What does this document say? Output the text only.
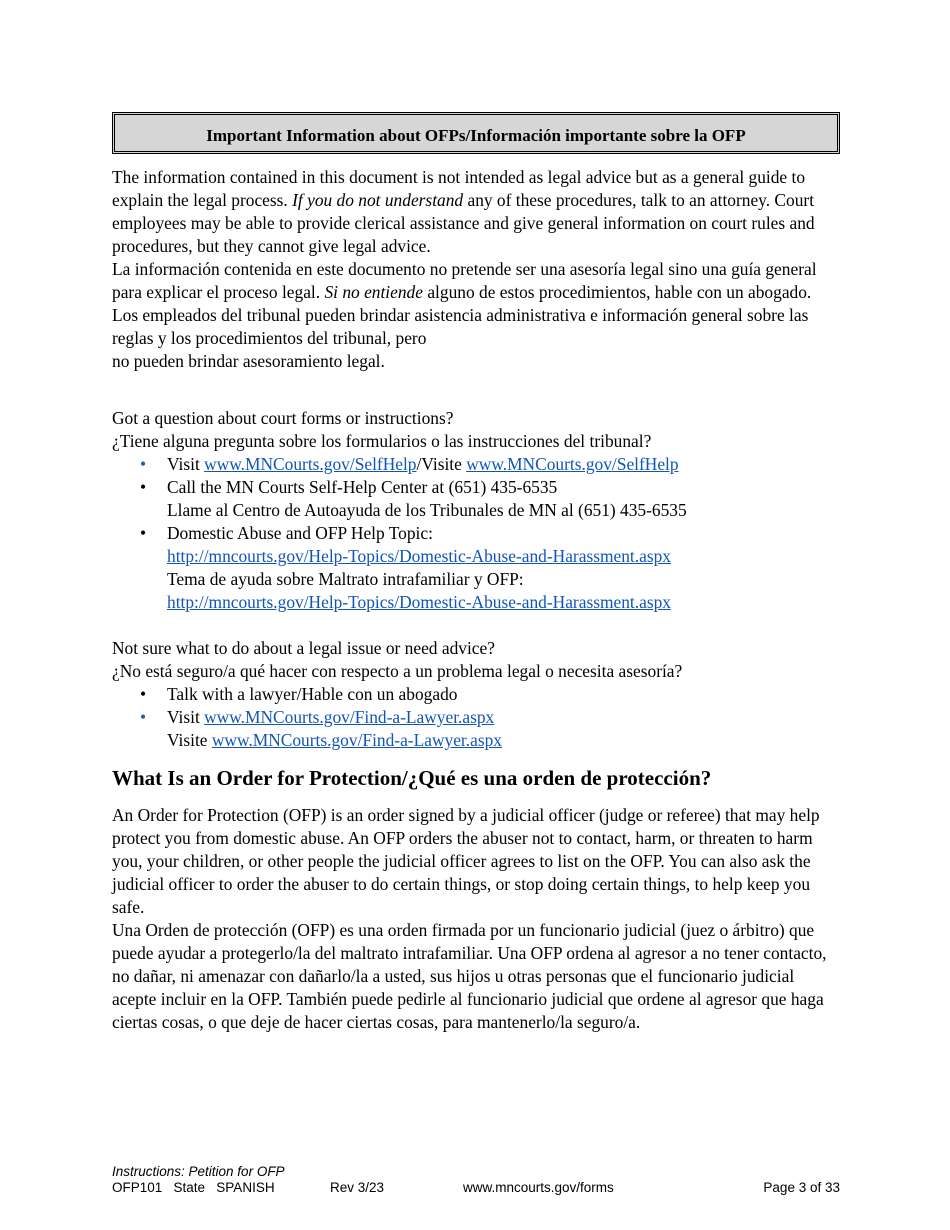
Important Information about OFPs/Información importante sobre la OFP

The information contained in this document is not intended as legal advice but as a general guide to explain the legal process. If you do not understand any of these procedures, talk to an attorney. Court employees may be able to provide clerical assistance and give general information on court rules and procedures, but they cannot give legal advice.

La información contenida en este documento no pretende ser una asesoría legal sino una guía general para explicar el proceso legal. Si no entiende alguno de estos procedimientos, hable con un abogado. Los empleados del tribunal pueden brindar asistencia administrativa e información general sobre las reglas y los procedimientos del tribunal, pero

no pueden brindar asesoramiento legal.

Got a question about court forms or instructions?

¿Tiene alguna pregunta sobre los formularios o las instrucciones del tribunal?

• Visit www.MNCourts.gov/SelfHelp/Visite www.MNCourts.gov/SelfHelp
• Call the MN Courts Self-Help Center at (651) 435-6535
Llame al Centro de Autoayuda de los Tribunales de MN al (651) 435-6535
• Domestic Abuse and OFP Help Topic:
http://mncourts.gov/Help-Topics/Domestic-Abuse-and-Harassment.aspx
Tema de ayuda sobre Maltrato intrafamiliar y OFP:
http://mncourts.gov/Help-Topics/Domestic-Abuse-and-Harassment.aspx

Not sure what to do about a legal issue or need advice?

¿No está seguro/a qué hacer con respecto a un problema legal o necesita asesoría?

• Talk with a lawyer/Hable con un abogado
• Visit www.MNCourts.gov/Find-a-Lawyer.aspx
Visite www.MNCourts.gov/Find-a-Lawyer.aspx
What Is an Order for Protection/¿Qué es una orden de protección?

An Order for Protection (OFP) is an order signed by a judicial officer (judge or referee) that may help protect you from domestic abuse. An OFP orders the abuser not to contact, harm, or threaten to harm you, your children, or other people the judicial officer agrees to list on the OFP. You can also ask the judicial officer to order the abuser to do certain things, or stop doing certain things, to help keep you safe.

Una Orden de protección (OFP) es una orden firmada por un funcionario judicial (juez o árbitro) que puede ayudar a protegerlo/la del maltrato intrafamiliar. Una OFP ordena al agresor a no tener contacto, no dañar, ni amenazar con dañarlo/la a usted, sus hijos u otras personas que el funcionario judicial acepte incluir en la OFP. También puede pedirle al funcionario judicial que ordene al agresor que haga ciertas cosas, o que deje de hacer ciertas cosas, para mantenerlo/la seguro/a.

Instructions: Petition for OFP
OFP101   State   SPANISH	Rev 3/23	www.mncourts.gov/forms	Page 3 of 33
